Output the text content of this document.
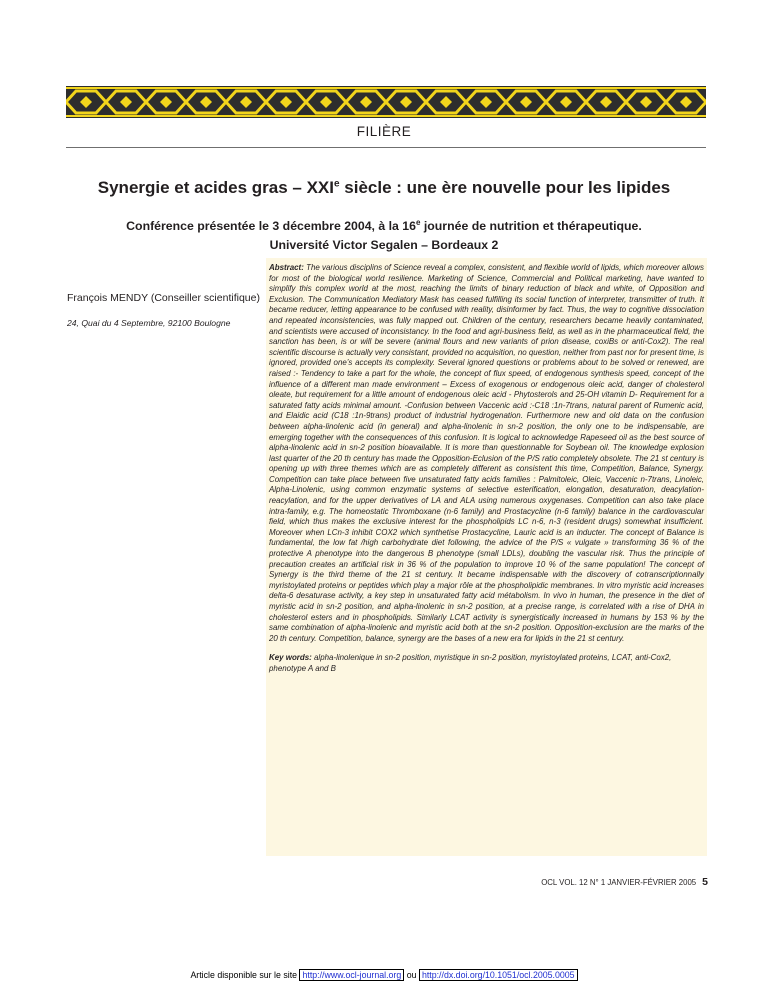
FILIÈRE
Synergie et acides gras – XXIe siècle : une ère nouvelle pour les lipides
Conférence présentée le 3 décembre 2004, à la 16e journée de nutrition et thérapeutique.
Université Victor Segalen – Bordeaux 2
François MENDY (Conseiller scientifique)
24, Quai du 4 Septembre, 92100 Boulogne

Abstract: The various disciplins of Science reveal a complex, consistent, and flexible world of lipids, which moreover allows for most of the biological world resilience. Marketing of Science, Commercial and Political marketing, have wanted to simplify this complex world at the most, reaching the limits of binary reduction of black and white, of Opposition and Exclusion. The Communication Mediatory Mask has ceased fulfilling its social function of interpreter, transmitter of truth. It became reducer, letting appearance to be confused with reality, disinformer by fact. Thus, the way to cognitive dissociation and repeated inconsistencies, was fully mapped out. Children of the century, researchers became heavily contaminated, and scientists were accused of inconsistancy. In the food and agri-business field, as well as in the pharmaceutical field, the sanction has been, is or will be severe (animal flours and new variants of prion disease, coxiBs or anti-Cox2). The real scientific discourse is actually very consistant, provided no acquisition, no question, neither from past nor for present time, is ignored, provided one’s accepts its complexity. Several ignored questions or problems about to be solved or renewed, are raised :- Tendency to take a part for the whole, the concept of flux speed, of endogenous synthesis speed, concept of the influence of a different man made environment – Excess of exogenous or endogenous oleic acid, danger of cholesterol oleate, but requirement for a little amount of endogenous oleic acid - Phytosterols and 25-OH vitamin D- Requirement for a saturated fatty acids minimal amount. -Confusion between Vaccenic acid :-C18 :1n-7trans, natural parent of Rumenic acid, and Elaidic acid (C18 :1n-9trans) product of industrial hydrogenation. Furthermore new and old data on the confusion between alpha-linolenic acid (in general) and alpha-linolenic in sn-2 position, the only one to be indispensable, are emerging together with the consequences of this confusion. It is logical to acknowledge Rapeseed oil as the best source of alpha-linolenic acid in sn-2 position bioavailable. It is more than questionnable for Soybean oil. The knowledge explosion last quarter of the 20 th century has made the Opposition-Eclusion of the P/S ratio completely obsolete. The 21 st century is opening up with three themes which are as completely different as consistent this time, Competition, Balance, Synergy. Competition can take place between five unsaturated fatty acids families : Palmitoleic, Oleic, Vaccenic n-7trans, Linoleic, Alpha-Linolenic, using common enzymatic systems of selective esterification, elongation, desaturation, deacylation-reacylation, and for the upper derivatives of LA and ALA using numerous oxygenases. Competition can also take place intra-family, e.g. The homeostatic Thromboxane (n-6 family) and Prostacycline (n-6 family) balance in the cardiovascular field, which thus makes the exclusive interest for the phospholipids LC n-6, n-3 (resident drugs) somewhat insufficient. Moreover when LCn-3 inhibit COX2 which synthetise Prostacycline, Lauric acid is an inducter. The concept of Balance is fundamental, the low fat /high carbohydrate diet following, the advice of the P/S « vulgate » transforming 36 % of the protective A phenotype into the dangerous B phenotype (small LDLs), doubling the vascular risk. Thus the principle of precaution creates an artificial risk in 36 % of the population to improve 10 % of the same population! The concept of Synergy is the third theme of the 21 st century. It became indispensable with the discovery of cotranscriptionnally myristoylated proteins or peptides which play a major rôle at the phospholipidic membranes. In vitro myristic acid increases delta-6 desaturase activity, a key step in unsaturated fatty acid métabolism. In vivo in human, the presence in the diet of myristic acid in sn-2 position, and alpha-linolenic in sn-2 position, at a precise range, is correlated with a rise of DHA in cholesterol esters and in phospholipids. Similarly LCAT activity is synergistically increased in humans by 153 % by the same combination of alpha-linolenic and myristic acid both at the sn-2 position. Opposition-exclusion are the marks of the 20 th century. Competition, balance, synergy are the bases of a new era for lipids in the 21 st century.

Key words: alpha-linolenique in sn-2 position, myristique in sn-2 position, myristoylated proteins, LCAT, anti-Cox2, phenotype A and B

OCL VOL. 12 N° 1 JANVIER-FÉVRIER 2005 5
Article disponible sur le site http://www.ocl-journal.org ou http://dx.doi.org/10.1051/ocl.2005.0005
